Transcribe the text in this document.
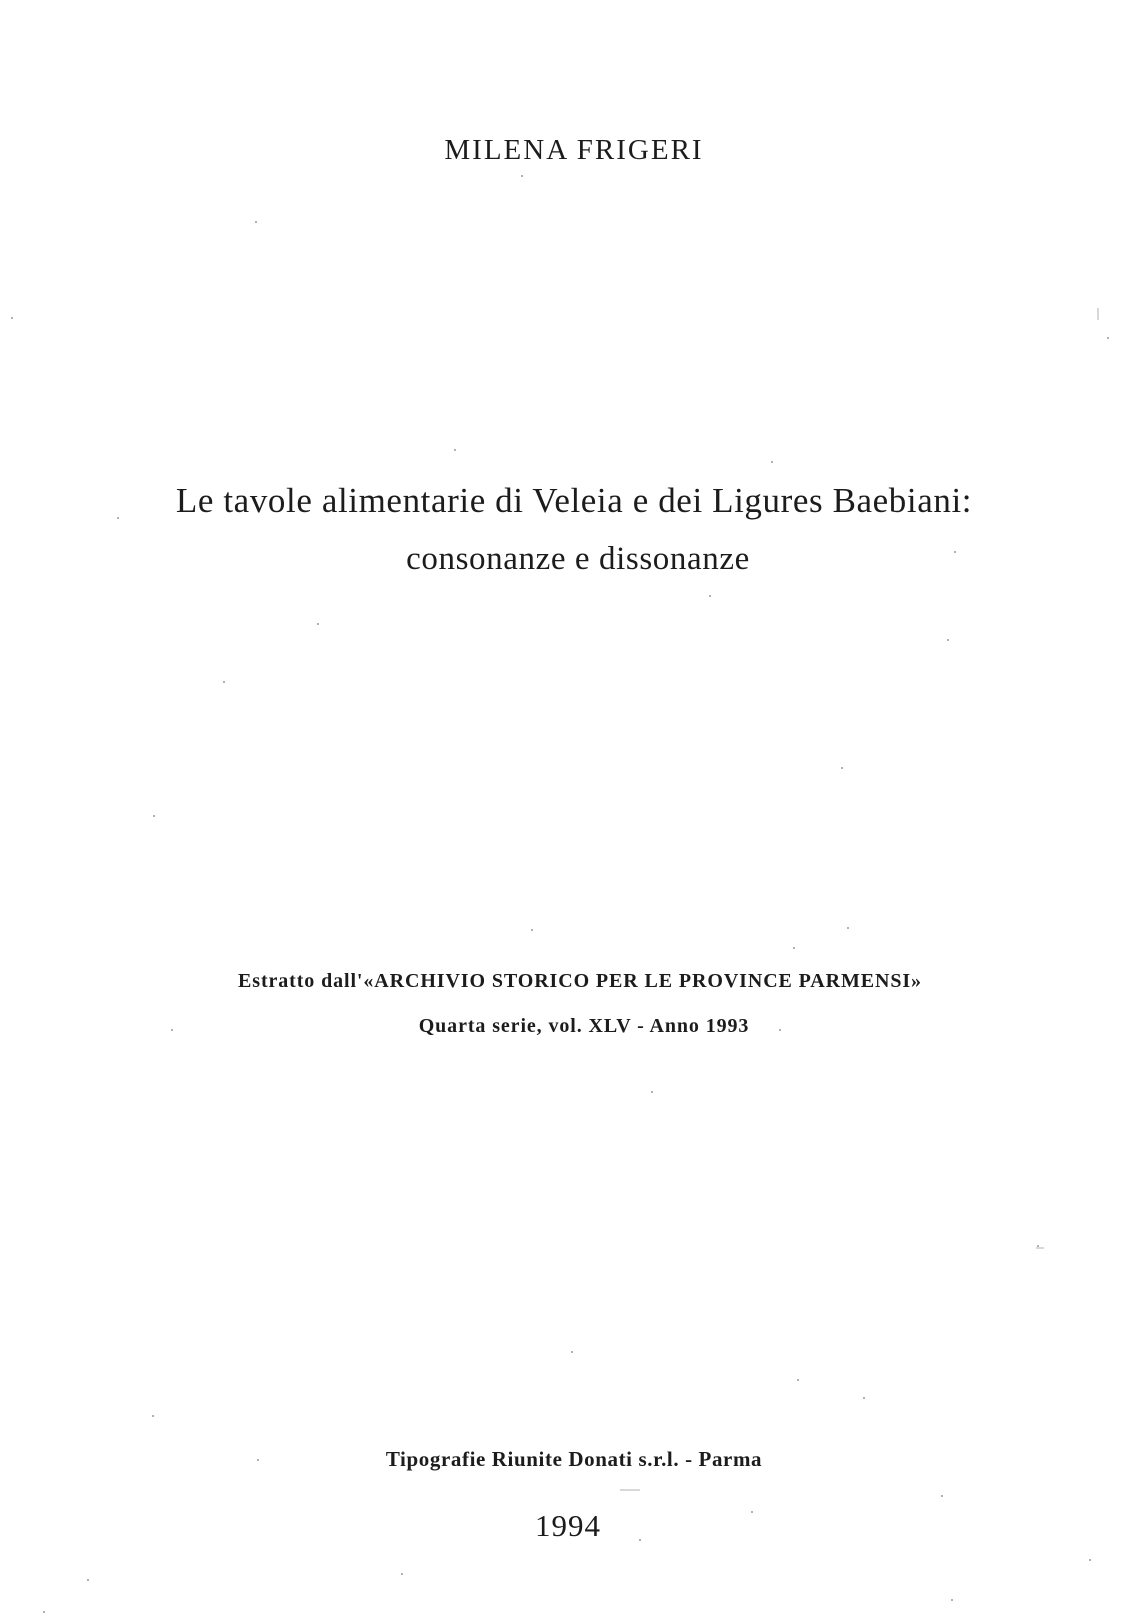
MILENA FRIGERI
Le tavole alimentarie di Veleia e dei Ligures Baebiani:
consonanze e dissonanze
Estratto dall'«ARCHIVIO STORICO PER LE PROVINCE PARMENSI»
Quarta serie, vol. XLV - Anno 1993
Tipografie Riunite Donati s.r.l. - Parma
1994
